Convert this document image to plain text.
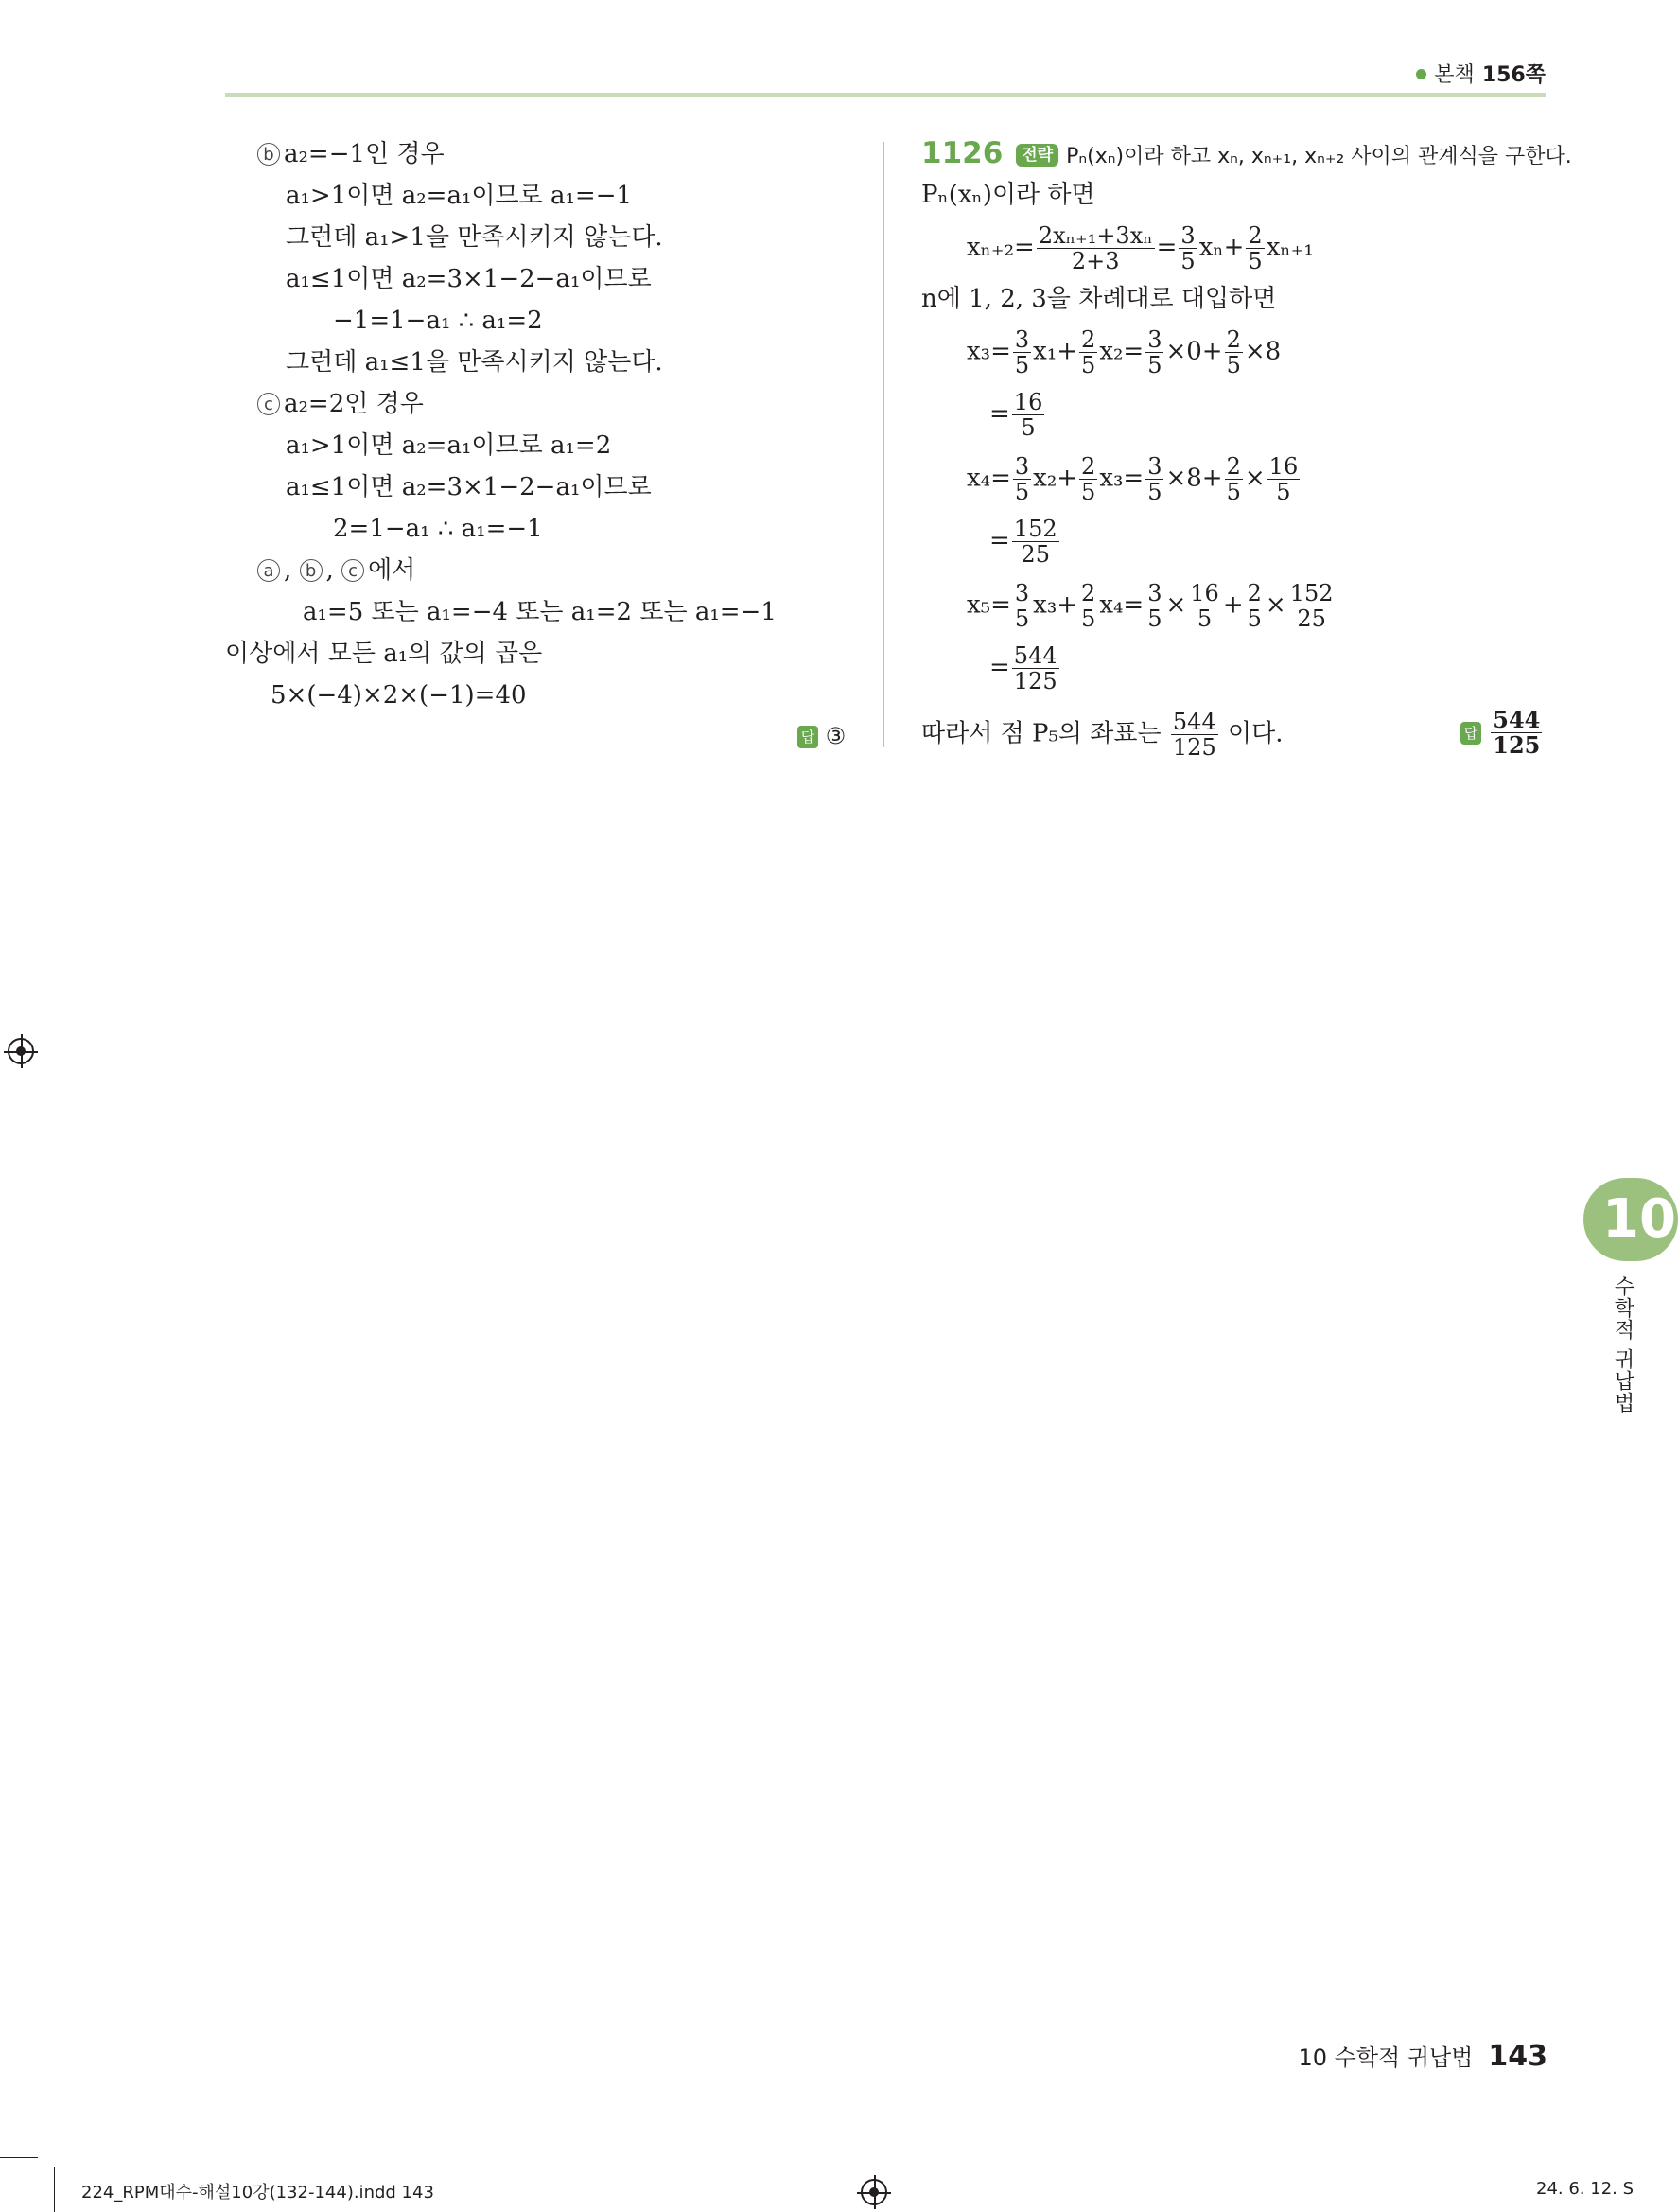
본책 156쪽
b a₂=−1인 경우
a₁>1이면 a₂=a₁이므로 a₁=−1
그런데 a₁>1을 만족시키지 않는다.
a₁≤1이면 a₂=3×1−2−a₁이므로
−1=1−a₁ ∴ a₁=2
그런데 a₁≤1을 만족시키지 않는다.
c a₂=2인 경우
a₁>1이면 a₂=a₁이므로 a₁=2
a₁≤1이면 a₂=3×1−2−a₁이므로
2=1−a₁ ∴ a₁=−1
a , b , c 에서
a₁=5 또는 a₁=−4 또는 a₁=2 또는 a₁=−1
이상에서 모든 a₁의 값의 곱은
5×(−4)×2×(−1)=40
답 ③
1126 전략 Pₙ(xₙ)이라 하고 xₙ, xₙ₊₁, xₙ₊₂ 사이의 관계식을 구한다.
Pₙ(xₙ)이라 하면
$x_{n+2}= \frac{\text{2xₙ₊₁+3xₙ}}{2+3} = \frac{3}{5} x_n+ \frac{2}{5} x_{n+1}$
n에 1, 2, 3을 차례대로 대입하면
$x_3= \frac{3}{5} x_1+ \frac{2}{5} x_2= \frac{3}{5} \times 0+ \frac{2}{5} \times 8$
= $\frac{16}{5}$
$x_4= \frac{3}{5} x_2+ \frac{2}{5} x_3= \frac{3}{5} \times 8+ \frac{2}{5} \times \frac{16}{5}$
= $\frac{152}{25}$
$x_5= \frac{3}{5} x_3+ \frac{2}{5} x_4= \frac{3}{5} \times \frac{16}{5} + \frac{2}{5} \times \frac{152}{25}$
= $\frac{544}{125}$
따라서 점 P₅의 좌표는 $\frac{544}{125}$ 이다.	답 $\frac{544}{125}$
10
수학적 귀납법
10 수학적 귀납법 143
224_RPM대수-해설10강(132-144).indd 143	24. 6. 12. S
